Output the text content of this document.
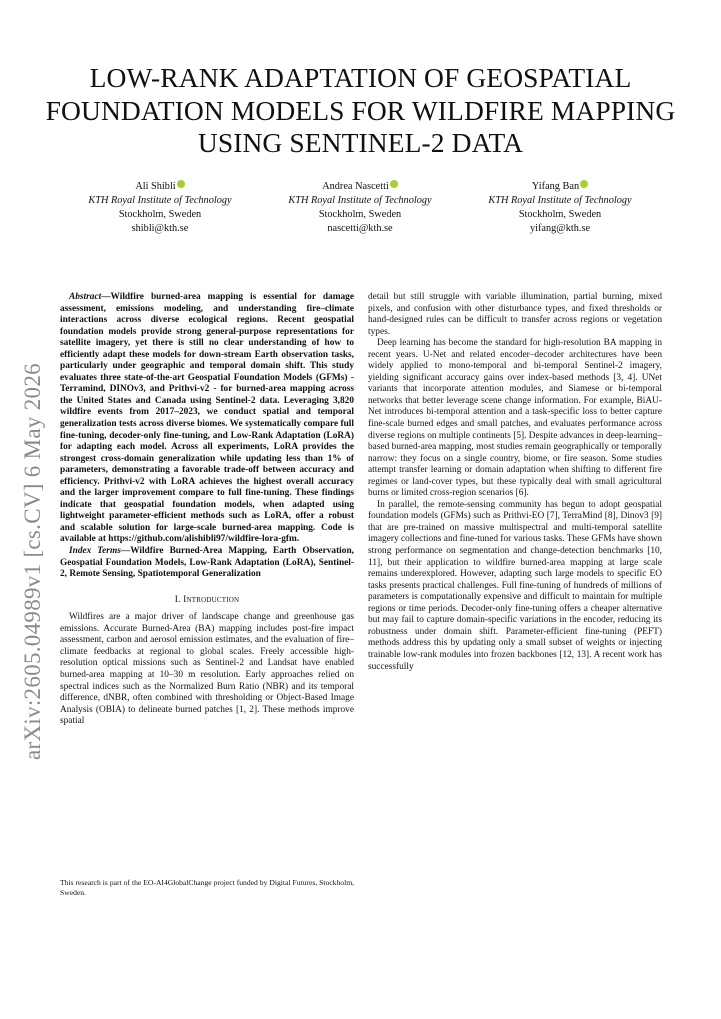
LOW-RANK ADAPTATION OF GEOSPATIAL FOUNDATION MODELS FOR WILDFIRE MAPPING USING SENTINEL-2 DATA
Ali Shibli
KTH Royal Institute of Technology
Stockholm, Sweden
shibli@kth.se
Andrea Nascetti
KTH Royal Institute of Technology
Stockholm, Sweden
nascetti@kth.se
Yifang Ban
KTH Royal Institute of Technology
Stockholm, Sweden
yifang@kth.se
arXiv:2605.04989v1 [cs.CV] 6 May 2026

Abstract—Wildfire burned-area mapping is essential for damage assessment, emissions modeling, and understanding fire–climate interactions across diverse ecological regions. Recent geospatial foundation models provide strong general-purpose representations for satellite imagery, yet there is still no clear understanding of how to efficiently adapt these models for down-stream Earth observation tasks, particularly under geographic and temporal domain shift. This study evaluates three state-of-the-art Geospatial Foundation Models (GFMs) - Terramind, DINOv3, and Prithvi-v2 - for burned-area mapping across the United States and Canada using Sentinel-2 data. Leveraging 3,820 wildfire events from 2017–2023, we conduct spatial and temporal generalization tests across diverse biomes. We systematically compare full fine-tuning, decoder-only fine-tuning, and Low-Rank Adaptation (LoRA) for adapting each model. Across all experiments, LoRA provides the strongest cross-domain generalization while updating less than 1% of parameters, demonstrating a favorable trade-off between accuracy and efficiency. Prithvi-v2 with LoRA achieves the highest overall accuracy and the larger improvement compare to full fine-tuning. These findings indicate that geospatial foundation models, when adapted using lightweight parameter-efficient methods such as LoRA, offer a robust and scalable solution for large-scale burned-area mapping. Code is available at https://github.com/alishibli97/wildfire-lora-gfm.

Index Terms—Wildfire Burned-Area Mapping, Earth Observation, Geospatial Foundation Models, Low-Rank Adaptation (LoRA), Sentinel-2, Remote Sensing, Spatiotemporal Generalization

I. Introduction

Wildfires are a major driver of landscape change and greenhouse gas emissions. Accurate Burned-Area (BA) mapping includes post-fire impact assessment, carbon and aerosol emission estimates, and the evaluation of fire–climate feedbacks at regional to global scales. Freely accessible high-resolution optical missions such as Sentinel-2 and Landsat have enabled burned-area mapping at 10–30 m resolution. Early approaches relied on spectral indices such as the Normalized Burn Ratio (NBR) and its temporal difference, dNBR, often combined with thresholding or Object-Based Image Analysis (OBIA) to delineate burned patches [1, 2]. These methods improve spatial

This research is part of the EO-AI4GlobalChange project funded by Digital Futures, Stockholm, Sweden.

detail but still struggle with variable illumination, partial burning, mixed pixels, and confusion with other disturbance types, and fixed thresholds or hand-designed rules can be difficult to transfer across regions or vegetation types.

Deep learning has become the standard for high-resolution BA mapping in recent years. U-Net and related encoder–decoder architectures have been widely applied to mono-temporal and bi-temporal Sentinel-2 imagery, yielding significant accuracy gains over index-based methods [3, 4]. UNet variants that incorporate attention modules, and Siamese or bi-temporal networks that better leverage scene change information. For example, BiAU-Net introduces bi-temporal attention and a task-specific loss to better capture fine-scale burned edges and small patches, and evaluates performance across diverse regions on multiple continents [5]. Despite advances in deep-learning–based burned-area mapping, most studies remain geographically or temporally narrow: they focus on a single country, biome, or fire season. Some studies attempt transfer learning or domain adaptation when shifting to different fire regimes or land-cover types, but these typically deal with small agricultural burns or limited cross-region scenarios [6].

In parallel, the remote-sensing community has begun to adopt geospatial foundation models (GFMs) such as Prithvi-EO [7], TerraMind [8], Dinov3 [9] that are pre-trained on massive multispectral and multi-temporal satellite imagery collections and fine-tuned for various tasks. These GFMs have shown strong performance on segmentation and change-detection benchmarks [10, 11], but their application to wildfire burned-area mapping at large scale remains underexplored. However, adapting such large models to specific EO tasks presents practical challenges. Full fine-tuning of hundreds of millions of parameters is computationally expensive and difficult to maintain for multiple regions or time periods. Decoder-only fine-tuning offers a cheaper alternative but may fail to capture domain-specific variations in the encoder, reducing its robustness under domain shift. Parameter-efficient fine-tuning (PEFT) methods address this by updating only a small subset of weights or injecting trainable low-rank modules into frozen backbones [12, 13]. A recent work has successfully
